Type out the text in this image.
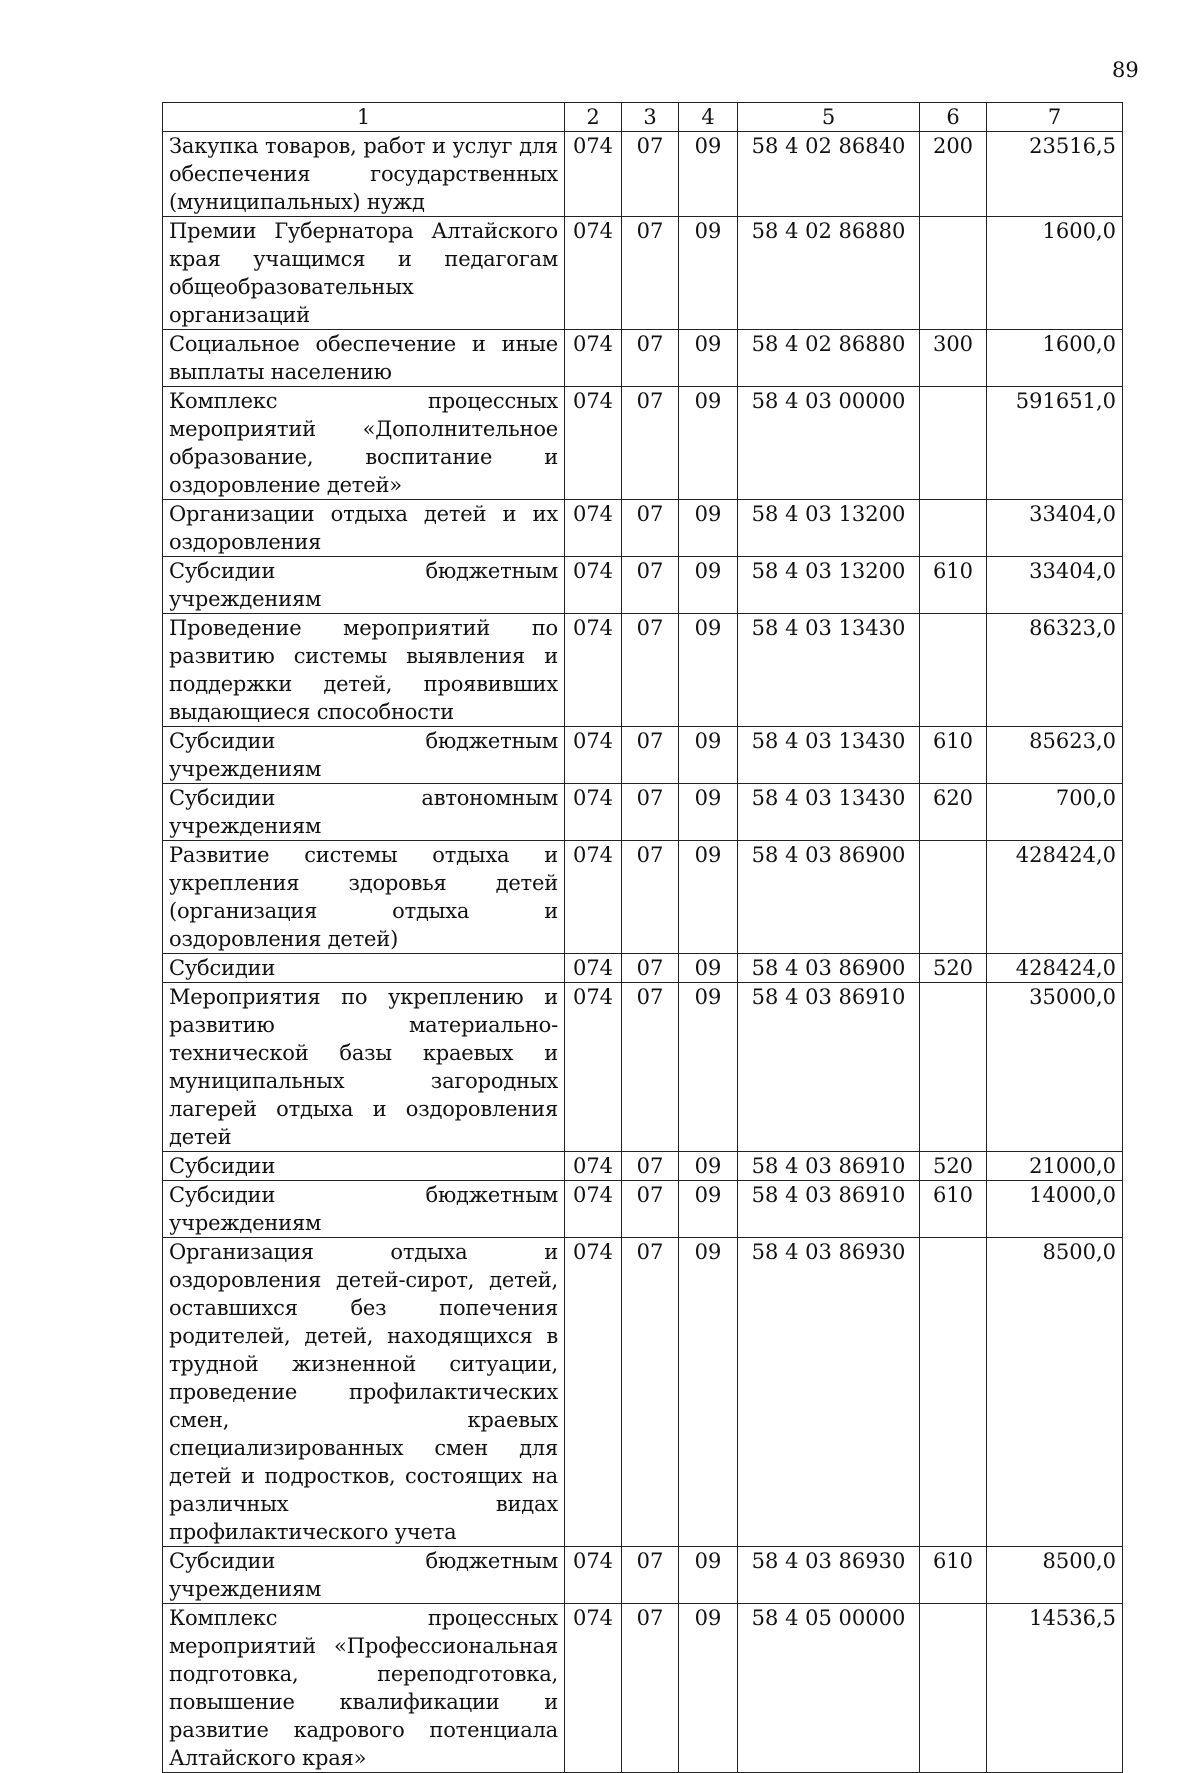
89
1	2	3	4	5	6	7
Закупка товаров, работ и услуг для обеспечения государственных (муниципальных) нужд	074	07	09	58 4 02 86840	200	23516,5
Премии Губернатора Алтайского края учащимся и педагогам общеобразовательных организаций	074	07	09	58 4 02 86880		1600,0
Социальное обеспечение и иные выплаты населению	074	07	09	58 4 02 86880	300	1600,0
Комплекс процессных мероприятий «Дополнительное образование, воспитание и оздоровление детей»	074	07	09	58 4 03 00000		591651,0
Организации отдыха детей и их оздоровления	074	07	09	58 4 03 13200		33404,0
Субсидии бюджетным учреждениям	074	07	09	58 4 03 13200	610	33404,0
Проведение мероприятий по развитию системы выявления и поддержки детей, проявивших выдающиеся способности	074	07	09	58 4 03 13430		86323,0
Субсидии бюджетным учреждениям	074	07	09	58 4 03 13430	610	85623,0
Субсидии автономным учреждениям	074	07	09	58 4 03 13430	620	700,0
Развитие системы отдыха и укрепления здоровья детей (организация отдыха и оздоровления детей)	074	07	09	58 4 03 86900		428424,0
Субсидии	074	07	09	58 4 03 86900	520	428424,0
Мероприятия по укреплению и развитию материально-технической базы краевых и муниципальных загородных лагерей отдыха и оздоровления детей	074	07	09	58 4 03 86910		35000,0
Субсидии	074	07	09	58 4 03 86910	520	21000,0
Субсидии бюджетным учреждениям	074	07	09	58 4 03 86910	610	14000,0
Организация отдыха и оздоровления детей-сирот, детей, оставшихся без попечения родителей, детей, находящихся в трудной жизненной ситуации, проведение профилактических смен, краевых специализированных смен для детей и подростков, состоящих на различных видах профилактического учета	074	07	09	58 4 03 86930		8500,0
Субсидии бюджетным учреждениям	074	07	09	58 4 03 86930	610	8500,0
Комплекс процессных мероприятий «Профессиональная подготовка, переподготовка, повышение квалификации и развитие кадрового потенциала Алтайского края»	074	07	09	58 4 05 00000		14536,5
